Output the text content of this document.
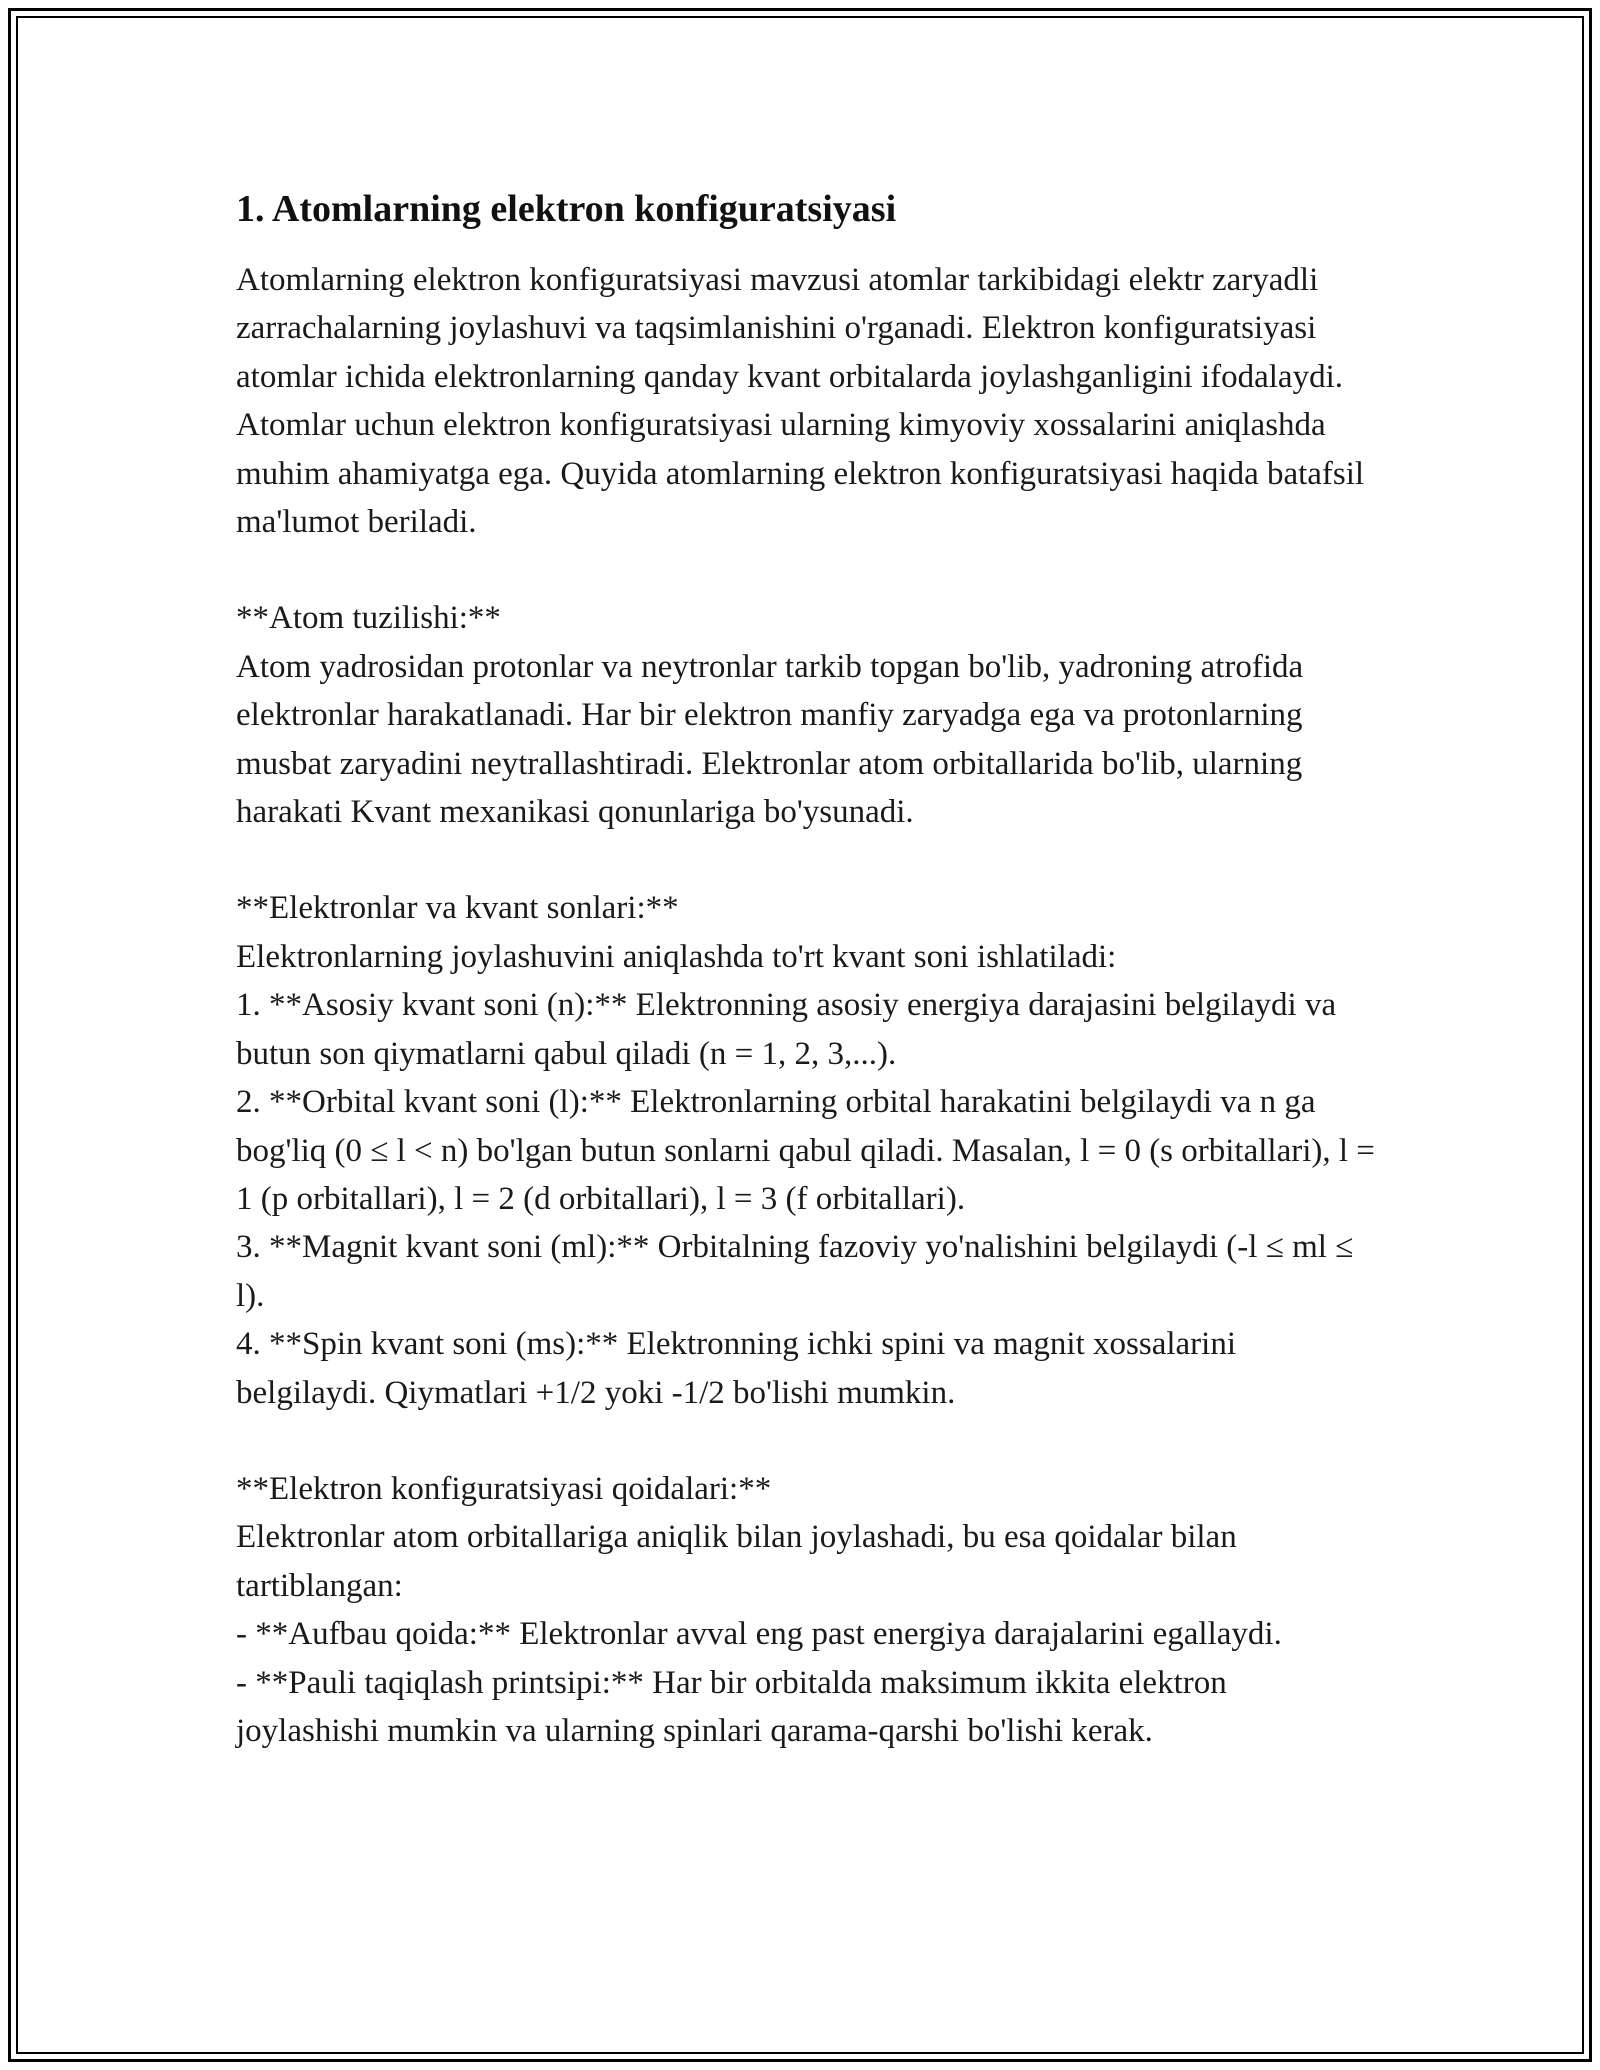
1. Atomlarning elektron konfiguratsiyasi

Atomlarning elektron konfiguratsiyasi mavzusi atomlar tarkibidagi elektr zaryadli zarrachalarning joylashuvi va taqsimlanishini o'rganadi. Elektron konfiguratsiyasi atomlar ichida elektronlarning qanday kvant orbitalarda joylashganligini ifodalaydi. Atomlar uchun elektron konfiguratsiyasi ularning kimyoviy xossalarini aniqlashda muhim ahamiyatga ega. Quyida atomlarning elektron konfiguratsiyasi haqida batafsil ma'lumot beriladi.

**Atom tuzilishi:**

Atom yadrosidan protonlar va neytronlar tarkib topgan bo'lib, yadroning atrofida elektronlar harakatlanadi. Har bir elektron manfiy zaryadga ega va protonlarning musbat zaryadini neytrallashtiradi. Elektronlar atom orbitallarida bo'lib, ularning harakati Kvant mexanikasi qonunlariga bo'ysunadi.

**Elektronlar va kvant sonlari:**

Elektronlarning joylashuvini aniqlashda to'rt kvant soni ishlatiladi:

1. **Asosiy kvant soni (n):** Elektronning asosiy energiya darajasini belgilaydi va butun son qiymatlarni qabul qiladi (n = 1, 2, 3,...).

2. **Orbital kvant soni (l):** Elektronlarning orbital harakatini belgilaydi va n ga bog'liq (0 ≤ l < n) bo'lgan butun sonlarni qabul qiladi. Masalan, l = 0 (s orbitallari), l = 1 (p orbitallari), l = 2 (d orbitallari), l = 3 (f orbitallari).

3. **Magnit kvant soni (ml):** Orbitalning fazoviy yo'nalishini belgilaydi (-l ≤ ml ≤ l).

4. **Spin kvant soni (ms):** Elektronning ichki spini va magnit xossalarini belgilaydi. Qiymatlari +1/2 yoki -1/2 bo'lishi mumkin.

**Elektron konfiguratsiyasi qoidalari:**

Elektronlar atom orbitallariga aniqlik bilan joylashadi, bu esa qoidalar bilan tartiblangan:

- **Aufbau qoida:** Elektronlar avval eng past energiya darajalarini egallaydi.

- **Pauli taqiqlash printsipi:** Har bir orbitalda maksimum ikkita elektron joylashishi mumkin va ularning spinlari qarama-qarshi bo'lishi kerak.
